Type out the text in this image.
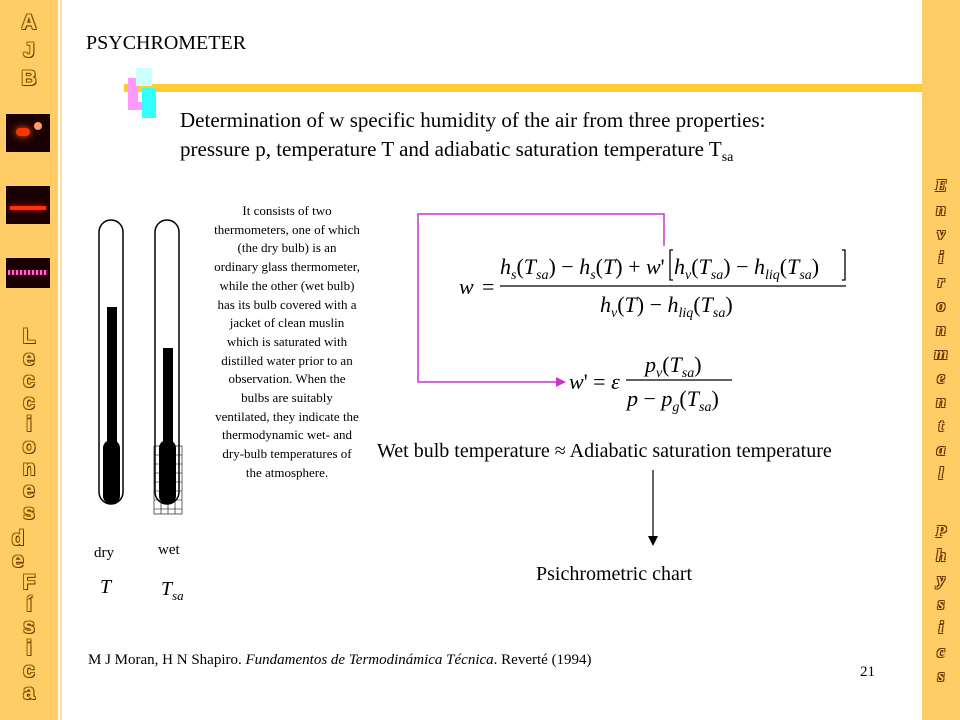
A
J
B
L
e
c
c
i
o
n
e
s
d
e
F
í
s
i
c
a
E
n
v
i
r
o
n
m
e
n
t
a
l
P
h
y
s
i
c
s
PSYCHROMETER
Determination of w specific humidity of the air from three properties:
pressure p, temperature T and adiabatic saturation temperature $T_{sa}$
It consists of two thermometers, one of which (the dry bulb) is an ordinary glass thermometer, while the other (wet bulb) has its bulb covered with a jacket of clean muslin which is saturated with distilled water prior to an observation. When the bulbs are suitably ventilated, they indicate the thermodynamic wet- and dry-bulb temperatures of the atmosphere.
dry	wet
T $T_{sa}$
w =
$h_s(T_{sa}) - h_s(T) + w'$ $h_v(T_{sa}) - h_{liq}(T_{sa})$
$h_v(T) - h_{liq}(T_{sa})$
w' = ε
$p_v(T_{sa})$
$p - p_g(T_{sa})$
Wet bulb temperature ≈ Adiabatic saturation temperature
Psichrometric chart
M J Moran, H N Shapiro. Fundamentos de Termodinámica Técnica. Reverté (1994)
21
